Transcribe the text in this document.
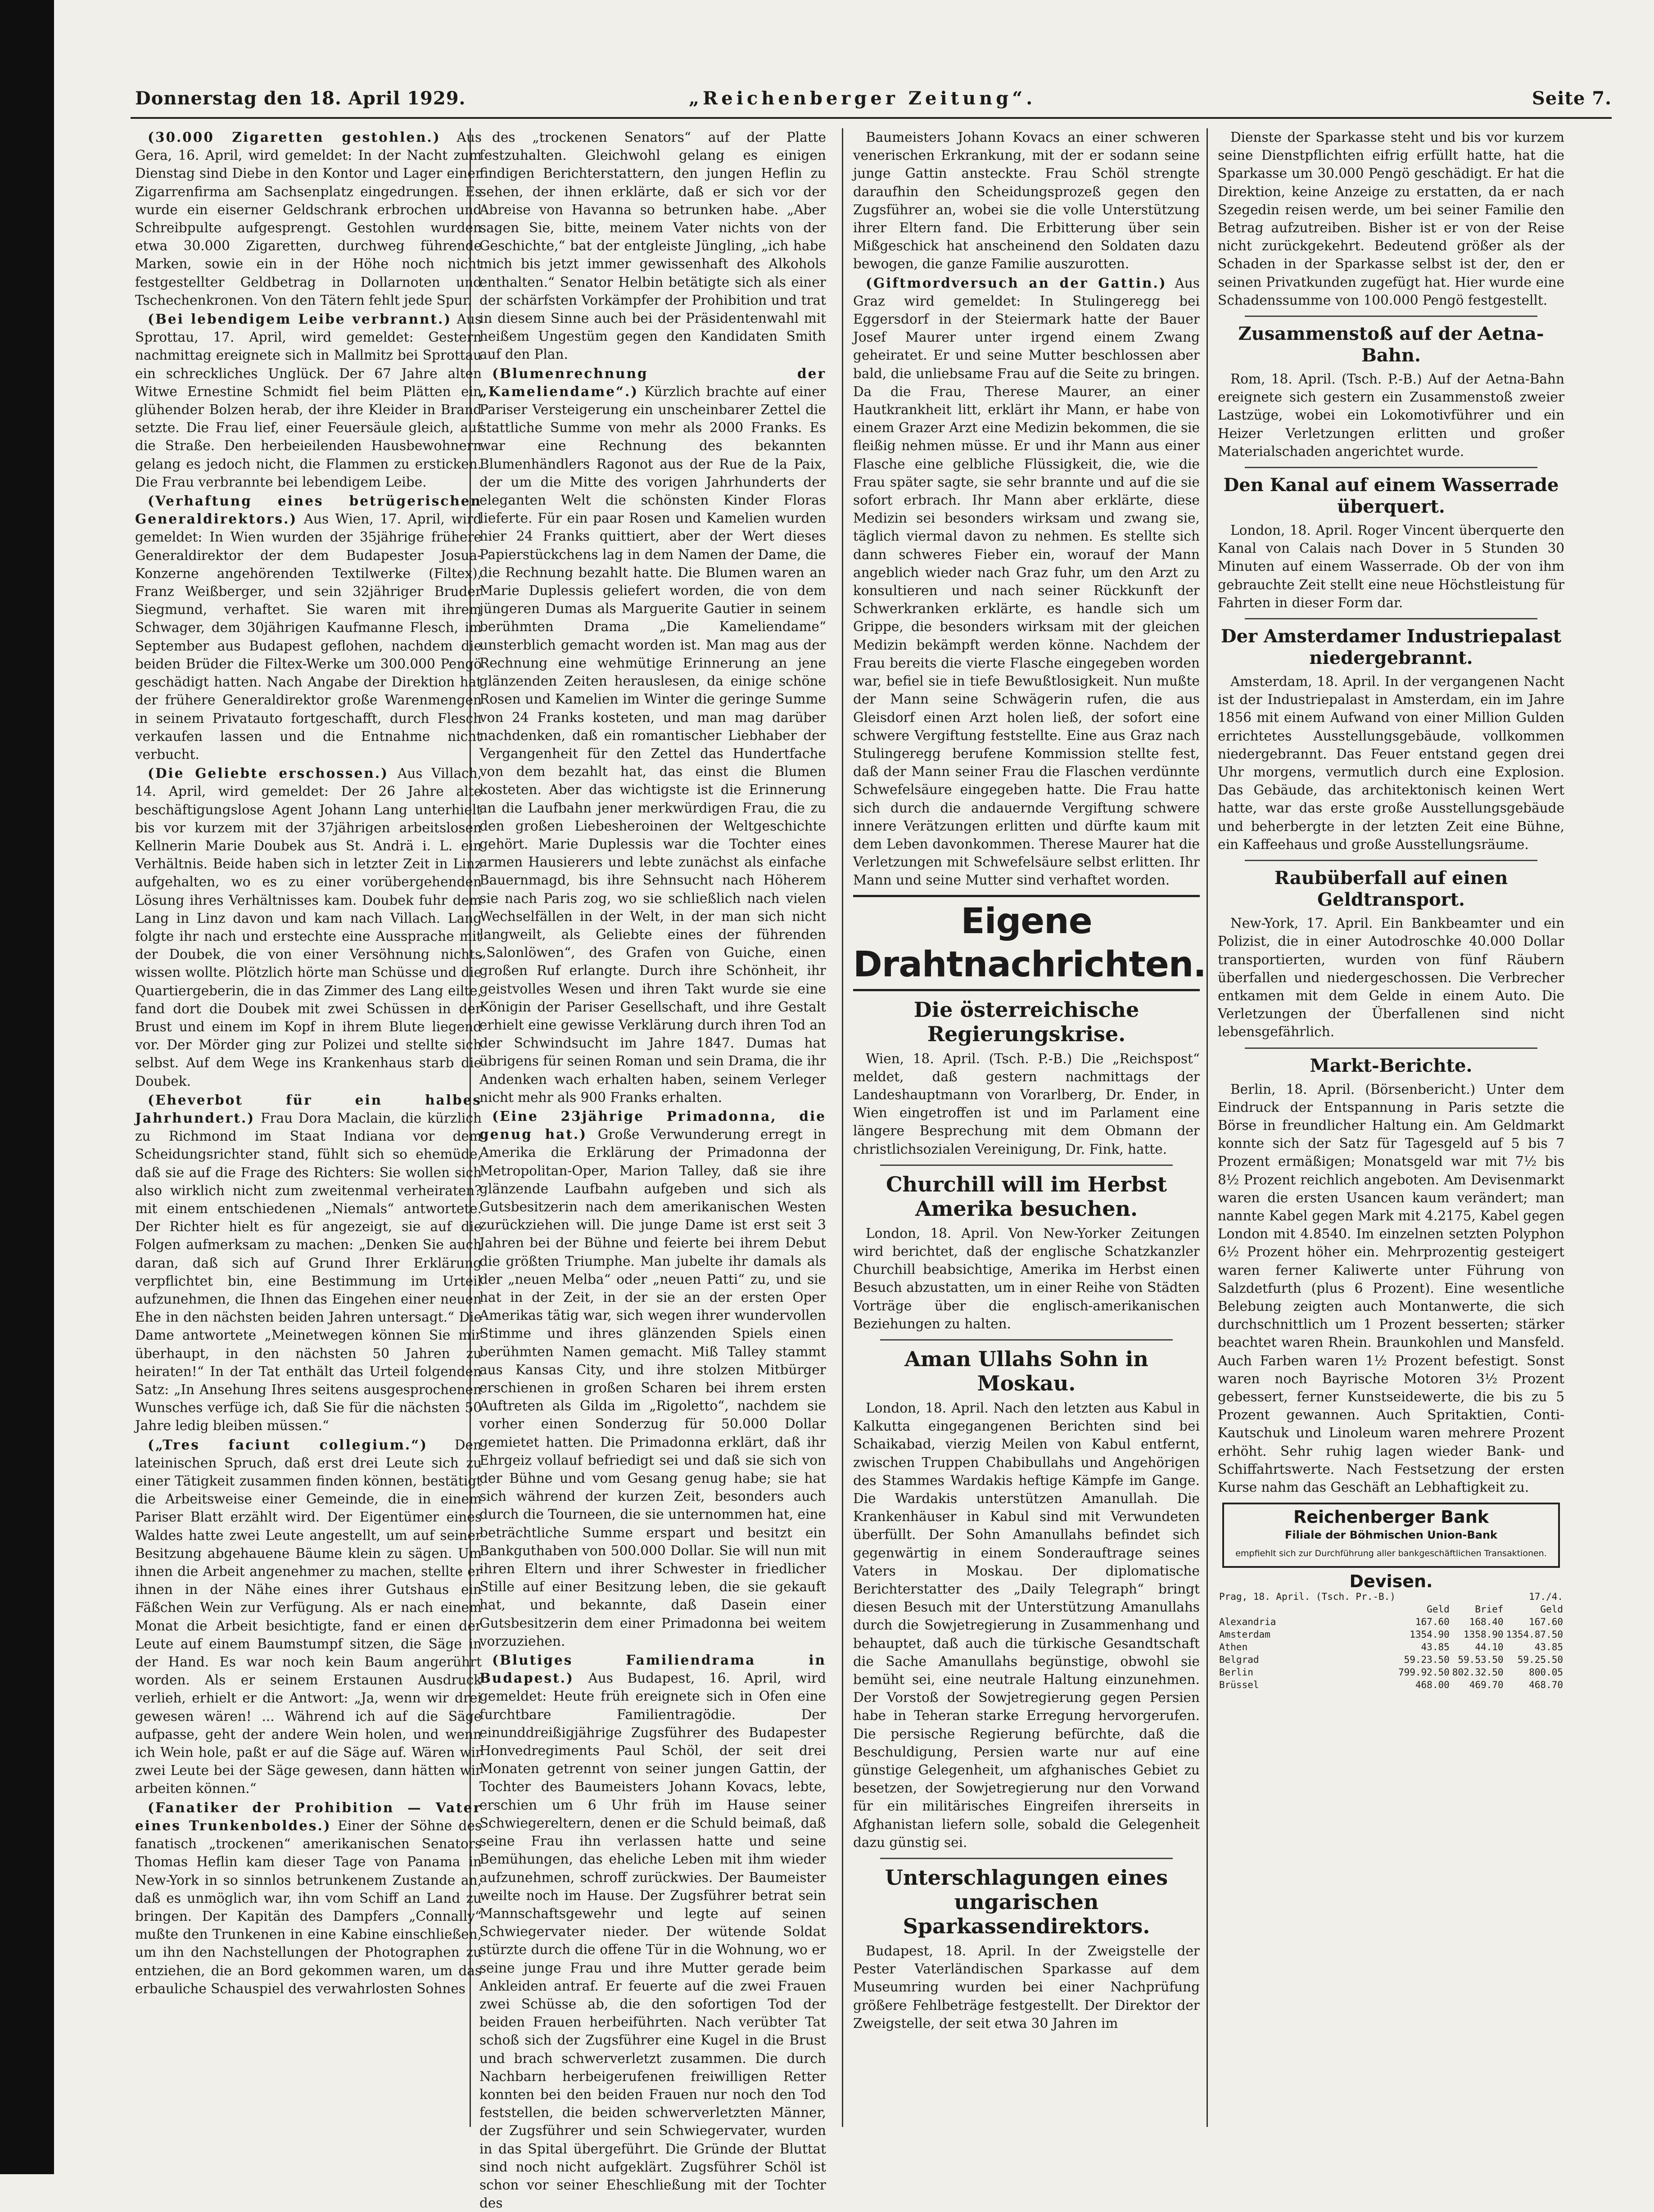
Donnerstag den 18. April 1929.	„Reichenberger Zeitung“.	Seite 7.

(30.000 Zigaretten gestohlen.) Aus Gera, 16. April, wird gemeldet: In der Nacht zum Dienstag sind Diebe in den Kontor und Lager einer Zigarrenfirma am Sachsenplatz eingedrungen. Es wurde ein eiserner Geldschrank erbrochen und Schreibpulte aufgesprengt. Gestohlen wurden etwa 30.000 Zigaretten, durchweg führende Marken, sowie ein in der Höhe noch nicht festgestellter Geldbetrag in Dollarnoten und Tschechenkronen. Von den Tätern fehlt jede Spur.

(Bei lebendigem Leibe verbrannt.) Aus Sprottau, 17. April, wird gemeldet: Gestern nachmittag ereignete sich in Mallmitz bei Sprottau ein schreckliches Unglück. Der 67 Jahre alten Witwe Ernestine Schmidt fiel beim Plätten ein glühender Bolzen herab, der ihre Kleider in Brand setzte. Die Frau lief, einer Feuersäule gleich, auf die Straße. Den herbeieilenden Hausbewohnern gelang es jedoch nicht, die Flammen zu ersticken. Die Frau verbrannte bei lebendigem Leibe.

(Verhaftung eines betrügerischen Generaldirektors.) Aus Wien, 17. April, wird gemeldet: In Wien wurden der 35jährige frühere Generaldirektor der dem Budapester Josua-Konzerne angehörenden Textilwerke (Filtex), Franz Weißberger, und sein 32jähriger Bruder Siegmund, verhaftet. Sie waren mit ihrem Schwager, dem 30jährigen Kaufmanne Flesch, im September aus Budapest geflohen, nachdem die beiden Brüder die Filtex-Werke um 300.000 Pengö geschädigt hatten. Nach Angabe der Direktion hat der frühere Generaldirektor große Warenmengen in seinem Privatauto fortgeschafft, durch Flesch verkaufen lassen und die Entnahme nicht verbucht.

(Die Geliebte erschossen.) Aus Villach, 14. April, wird gemeldet: Der 26 Jahre alte beschäftigungslose Agent Johann Lang unterhielt bis vor kurzem mit der 37jährigen arbeitslosen Kellnerin Marie Doubek aus St. Andrä i. L. ein Verhältnis. Beide haben sich in letzter Zeit in Linz aufgehalten, wo es zu einer vorübergehenden Lösung ihres Verhältnisses kam. Doubek fuhr dem Lang in Linz davon und kam nach Villach. Lang folgte ihr nach und erstechte eine Aussprache mit der Doubek, die von einer Versöhnung nichts wissen wollte. Plötzlich hörte man Schüsse und die Quartiergeberin, die in das Zimmer des Lang eilte, fand dort die Doubek mit zwei Schüssen in der Brust und einem im Kopf in ihrem Blute liegend vor. Der Mörder ging zur Polizei und stellte sich selbst. Auf dem Wege ins Krankenhaus starb die Doubek.

(Eheverbot für ein halbes Jahrhundert.) Frau Dora Maclain, die kürzlich zu Richmond im Staat Indiana vor dem Scheidungsrichter stand, fühlt sich so ehemüde, daß sie auf die Frage des Richters: Sie wollen sich also wirklich nicht zum zweitenmal verheiraten? mit einem entschiedenen „Niemals“ antwortete. Der Richter hielt es für angezeigt, sie auf die Folgen aufmerksam zu machen: „Denken Sie auch daran, daß sich auf Grund Ihrer Erklärung verpflichtet bin, eine Bestimmung im Urteil aufzunehmen, die Ihnen das Eingehen einer neuen Ehe in den nächsten beiden Jahren untersagt.“ Die Dame antwortete „Meinetwegen können Sie mir überhaupt, in den nächsten 50 Jahren zu heiraten!“ In der Tat enthält das Urteil folgenden Satz: „In Ansehung Ihres seitens ausgesprochenen Wunsches verfüge ich, daß Sie für die nächsten 50 Jahre ledig bleiben müssen.“

(„Tres faciunt collegium.“) Den lateinischen Spruch, daß erst drei Leute sich zu einer Tätigkeit zusammen finden können, bestätigt die Arbeitsweise einer Gemeinde, die in einem Pariser Blatt erzählt wird. Der Eigentümer eines Waldes hatte zwei Leute angestellt, um auf seiner Besitzung abgehauene Bäume klein zu sägen. Um ihnen die Arbeit angenehmer zu machen, stellte er ihnen in der Nähe eines ihrer Gutshaus ein Fäßchen Wein zur Verfügung. Als er nach einem Monat die Arbeit besichtigte, fand er einen der Leute auf einem Baumstumpf sitzen, die Säge in der Hand. Es war noch kein Baum angerührt worden. Als er seinem Erstaunen Ausdruck verlieh, erhielt er die Antwort: „Ja, wenn wir drei gewesen wären! ... Während ich auf die Säge aufpasse, geht der andere Wein holen, und wenn ich Wein hole, paßt er auf die Säge auf. Wären wir zwei Leute bei der Säge gewesen, dann hätten wir arbeiten können.“

(Fanatiker der Prohibition — Vater eines Trunkenboldes.) Einer der Söhne des fanatisch „trockenen“ amerikanischen Senators Thomas Heflin kam dieser Tage von Panama in New-York in so sinnlos betrunkenem Zustande an, daß es unmöglich war, ihn vom Schiff an Land zu bringen. Der Kapitän des Dampfers „Connally“ mußte den Trunkenen in eine Kabine einschließen, um ihn den Nachstellungen der Photographen zu entziehen, die an Bord gekommen waren, um das erbauliche Schauspiel des verwahrlosten Sohnes

des „trockenen Senators“ auf der Platte festzuhalten. Gleichwohl gelang es einigen findigen Berichterstattern, den jungen Heflin zu sehen, der ihnen erklärte, daß er sich vor der Abreise von Havanna so betrunken habe. „Aber sagen Sie, bitte, meinem Vater nichts von der Geschichte,“ bat der entgleiste Jüngling, „ich habe mich bis jetzt immer gewissenhaft des Alkohols enthalten.“ Senator Helbin betätigte sich als einer der schärfsten Vorkämpfer der Prohibition und trat in diesem Sinne auch bei der Präsidentenwahl mit heißem Ungestüm gegen den Kandidaten Smith auf den Plan.

(Blumenrechnung der „Kameliendame“.) Kürzlich brachte auf einer Pariser Versteigerung ein unscheinbarer Zettel die stattliche Summe von mehr als 2000 Franks. Es war eine Rechnung des bekannten Blumenhändlers Ragonot aus der Rue de la Paix, der um die Mitte des vorigen Jahrhunderts der eleganten Welt die schönsten Kinder Floras lieferte. Für ein paar Rosen und Kamelien wurden hier 24 Franks quittiert, aber der Wert dieses Papierstückchens lag in dem Namen der Dame, die die Rechnung bezahlt hatte. Die Blumen waren an Marie Duplessis geliefert worden, die von dem jüngeren Dumas als Marguerite Gautier in seinem berühmten Drama „Die Kameliendame“ unsterblich gemacht worden ist. Man mag aus der Rechnung eine wehmütige Erinnerung an jene glänzenden Zeiten herauslesen, da einige schöne Rosen und Kamelien im Winter die geringe Summe von 24 Franks kosteten, und man mag darüber nachdenken, daß ein romantischer Liebhaber der Vergangenheit für den Zettel das Hundertfache von dem bezahlt hat, das einst die Blumen kosteten. Aber das wichtigste ist die Erinnerung an die Laufbahn jener merkwürdigen Frau, die zu den großen Liebesheroinen der Weltgeschichte gehört. Marie Duplessis war die Tochter eines armen Hausierers und lebte zunächst als einfache Bauernmagd, bis ihre Sehnsucht nach Höherem sie nach Paris zog, wo sie schließlich nach vielen Wechselfällen in der Welt, in der man sich nicht langweilt, als Geliebte eines der führenden „Salonlöwen“, des Grafen von Guiche, einen großen Ruf erlangte. Durch ihre Schönheit, ihr geistvolles Wesen und ihren Takt wurde sie eine Königin der Pariser Gesellschaft, und ihre Gestalt erhielt eine gewisse Verklärung durch ihren Tod an der Schwindsucht im Jahre 1847. Dumas hat übrigens für seinen Roman und sein Drama, die ihr Andenken wach erhalten haben, seinem Verleger nicht mehr als 900 Franks erhalten.

(Eine 23jährige Primadonna, die genug hat.) Große Verwunderung erregt in Amerika die Erklärung der Primadonna der Metropolitan-Oper, Marion Talley, daß sie ihre glänzende Laufbahn aufgeben und sich als Gutsbesitzerin nach dem amerikanischen Westen zurückziehen will. Die junge Dame ist erst seit 3 Jahren bei der Bühne und feierte bei ihrem Debut die größten Triumphe. Man jubelte ihr damals als der „neuen Melba“ oder „neuen Patti“ zu, und sie hat in der Zeit, in der sie an der ersten Oper Amerikas tätig war, sich wegen ihrer wundervollen Stimme und ihres glänzenden Spiels einen berühmten Namen gemacht. Miß Talley stammt aus Kansas City, und ihre stolzen Mitbürger erschienen in großen Scharen bei ihrem ersten Auftreten als Gilda im „Rigoletto“, nachdem sie vorher einen Sonderzug für 50.000 Dollar gemietet hatten. Die Primadonna erklärt, daß ihr Ehrgeiz vollauf befriedigt sei und daß sie sich von der Bühne und vom Gesang genug habe; sie hat sich während der kurzen Zeit, besonders auch durch die Tourneen, die sie unternommen hat, eine beträchtliche Summe erspart und besitzt ein Bankguthaben von 500.000 Dollar. Sie will nun mit ihren Eltern und ihrer Schwester in friedlicher Stille auf einer Besitzung leben, die sie gekauft hat, und bekannte, daß Dasein einer Gutsbesitzerin dem einer Primadonna bei weitem vorzuziehen.

(Blutiges Familiendrama in Budapest.) Aus Budapest, 16. April, wird gemeldet: Heute früh ereignete sich in Ofen eine furchtbare Familientragödie. Der einunddreißigjährige Zugsführer des Budapester Honvedregiments Paul Schöl, der seit drei Monaten getrennt von seiner jungen Gattin, der Tochter des Baumeisters Johann Kovacs, lebte, erschien um 6 Uhr früh im Hause seiner Schwiegereltern, denen er die Schuld beimaß, daß seine Frau ihn verlassen hatte und seine Bemühungen, das eheliche Leben mit ihm wieder aufzunehmen, schroff zurückwies. Der Baumeister weilte noch im Hause. Der Zugsführer betrat sein Mannschaftsgewehr und legte auf seinen Schwiegervater nieder. Der wütende Soldat stürzte durch die offene Tür in die Wohnung, wo er seine junge Frau und ihre Mutter gerade beim Ankleiden antraf. Er feuerte auf die zwei Frauen zwei Schüsse ab, die den sofortigen Tod der beiden Frauen herbeiführten. Nach verübter Tat schoß sich der Zugsführer eine Kugel in die Brust und brach schwerverletzt zusammen. Die durch Nachbarn herbeigerufenen freiwilligen Retter konnten bei den beiden Frauen nur noch den Tod feststellen, die beiden schwerverletzten Männer, der Zugsführer und sein Schwiegervater, wurden in das Spital übergeführt. Die Gründe der Bluttat sind noch nicht aufgeklärt. Zugsführer Schöl ist schon vor seiner Eheschließung mit der Tochter des

Baumeisters Johann Kovacs an einer schweren venerischen Erkrankung, mit der er sodann seine junge Gattin ansteckte. Frau Schöl strengte daraufhin den Scheidungsprozeß gegen den Zugsführer an, wobei sie die volle Unterstützung ihrer Eltern fand. Die Erbitterung über sein Mißgeschick hat anscheinend den Soldaten dazu bewogen, die ganze Familie auszurotten.

(Giftmordversuch an der Gattin.) Aus Graz wird gemeldet: In Stulingeregg bei Eggersdorf in der Steiermark hatte der Bauer Josef Maurer unter irgend einem Zwang geheiratet. Er und seine Mutter beschlossen aber bald, die unliebsame Frau auf die Seite zu bringen. Da die Frau, Therese Maurer, an einer Hautkrankheit litt, erklärt ihr Mann, er habe von einem Grazer Arzt eine Medizin bekommen, die sie fleißig nehmen müsse. Er und ihr Mann aus einer Flasche eine gelbliche Flüssigkeit, die, wie die Frau später sagte, sie sehr brannte und auf die sie sofort erbrach. Ihr Mann aber erklärte, diese Medizin sei besonders wirksam und zwang sie, täglich viermal davon zu nehmen. Es stellte sich dann schweres Fieber ein, worauf der Mann angeblich wieder nach Graz fuhr, um den Arzt zu konsultieren und nach seiner Rückkunft der Schwerkranken erklärte, es handle sich um Grippe, die besonders wirksam mit der gleichen Medizin bekämpft werden könne. Nachdem der Frau bereits die vierte Flasche eingegeben worden war, befiel sie in tiefe Bewußtlosigkeit. Nun mußte der Mann seine Schwägerin rufen, die aus Gleisdorf einen Arzt holen ließ, der sofort eine schwere Vergiftung feststellte. Eine aus Graz nach Stulingeregg berufene Kommission stellte fest, daß der Mann seiner Frau die Flaschen verdünnte Schwefelsäure eingegeben hatte. Die Frau hatte sich durch die andauernde Vergiftung schwere innere Verätzungen erlitten und dürfte kaum mit dem Leben davonkommen. Therese Maurer hat die Verletzungen mit Schwefelsäure selbst erlitten. Ihr Mann und seine Mutter sind verhaftet worden.

Eigene Drahtnachrichten.
Die österreichische Regierungskrise.

Wien, 18. April. (Tsch. P.-B.) Die „Reichspost“ meldet, daß gestern nachmittags der Landeshauptmann von Vorarlberg, Dr. Ender, in Wien eingetroffen ist und im Parlament eine längere Besprechung mit dem Obmann der christlichsozialen Vereinigung, Dr. Fink, hatte.

Churchill will im Herbst Amerika besuchen.

London, 18. April. Von New-Yorker Zeitungen wird berichtet, daß der englische Schatzkanzler Churchill beabsichtige, Amerika im Herbst einen Besuch abzustatten, um in einer Reihe von Städten Vorträge über die englisch-amerikanischen Beziehungen zu halten.

Aman Ullahs Sohn in Moskau.

London, 18. April. Nach den letzten aus Kabul in Kalkutta eingegangenen Berichten sind bei Schaikabad, vierzig Meilen von Kabul entfernt, zwischen Truppen Chabibullahs und Angehörigen des Stammes Wardakis heftige Kämpfe im Gange. Die Wardakis unterstützen Amanullah. Die Krankenhäuser in Kabul sind mit Verwundeten überfüllt. Der Sohn Amanullahs befindet sich gegenwärtig in einem Sonderauftrage seines Vaters in Moskau. Der diplomatische Berichterstatter des „Daily Telegraph“ bringt diesen Besuch mit der Unterstützung Amanullahs durch die Sowjetregierung in Zusammenhang und behauptet, daß auch die türkische Gesandtschaft die Sache Amanullahs begünstige, obwohl sie bemüht sei, eine neutrale Haltung einzunehmen. Der Vorstoß der Sowjetregierung gegen Persien habe in Teheran starke Erregung hervorgerufen. Die persische Regierung befürchte, daß die Beschuldigung, Persien warte nur auf eine günstige Gelegenheit, um afghanisches Gebiet zu besetzen, der Sowjetregierung nur den Vorwand für ein militärisches Eingreifen ihrerseits in Afghanistan liefern solle, sobald die Gelegenheit dazu günstig sei.

Unterschlagungen eines ungarischen Sparkassendirektors.

Budapest, 18. April. In der Zweigstelle der Pester Vaterländischen Sparkasse auf dem Museumring wurden bei einer Nachprüfung größere Fehlbeträge festgestellt. Der Direktor der Zweigstelle, der seit etwa 30 Jahren im

Dienste der Sparkasse steht und bis vor kurzem seine Dienstpflichten eifrig erfüllt hatte, hat die Sparkasse um 30.000 Pengö geschädigt. Er hat die Direktion, keine Anzeige zu erstatten, da er nach Szegedin reisen werde, um bei seiner Familie den Betrag aufzutreiben. Bisher ist er von der Reise nicht zurückgekehrt. Bedeutend größer als der Schaden in der Sparkasse selbst ist der, den er seinen Privatkunden zugefügt hat. Hier wurde eine Schadenssumme von 100.000 Pengö festgestellt.

Zusammenstoß auf der Aetna-Bahn.

Rom, 18. April. (Tsch. P.-B.) Auf der Aetna-Bahn ereignete sich gestern ein Zusammenstoß zweier Lastzüge, wobei ein Lokomotivführer und ein Heizer Verletzungen erlitten und großer Materialschaden angerichtet wurde.

Den Kanal auf einem Wasserrade überquert.

London, 18. April. Roger Vincent überquerte den Kanal von Calais nach Dover in 5 Stunden 30 Minuten auf einem Wasserrade. Ob der von ihm gebrauchte Zeit stellt eine neue Höchstleistung für Fahrten in dieser Form dar.

Der Amsterdamer Industriepalast niedergebrannt.

Amsterdam, 18. April. In der vergangenen Nacht ist der Industriepalast in Amsterdam, ein im Jahre 1856 mit einem Aufwand von einer Million Gulden errichtetes Ausstellungsgebäude, vollkommen niedergebrannt. Das Feuer entstand gegen drei Uhr morgens, vermutlich durch eine Explosion. Das Gebäude, das architektonisch keinen Wert hatte, war das erste große Ausstellungsgebäude und beherbergte in der letzten Zeit eine Bühne, ein Kaffeehaus und große Ausstellungsräume.

Raubüberfall auf einen Geldtransport.

New-York, 17. April. Ein Bankbeamter und ein Polizist, die in einer Autodroschke 40.000 Dollar transportierten, wurden von fünf Räubern überfallen und niedergeschossen. Die Verbrecher entkamen mit dem Gelde in einem Auto. Die Verletzungen der Überfallenen sind nicht lebensgefährlich.

Markt-Berichte.

Berlin, 18. April. (Börsenbericht.) Unter dem Eindruck der Entspannung in Paris setzte die Börse in freundlicher Haltung ein. Am Geldmarkt konnte sich der Satz für Tagesgeld auf 5 bis 7 Prozent ermäßigen; Monatsgeld war mit 7½ bis 8½ Prozent reichlich angeboten. Am Devisenmarkt waren die ersten Usancen kaum verändert; man nannte Kabel gegen Mark mit 4.2175, Kabel gegen London mit 4.8540. Im einzelnen setzten Polyphon 6½ Prozent höher ein. Mehrprozentig gesteigert waren ferner Kaliwerte unter Führung von Salzdetfurth (plus 6 Prozent). Eine wesentliche Belebung zeigten auch Montanwerte, die sich durchschnittlich um 1 Prozent besserten; stärker beachtet waren Rhein. Braunkohlen und Mansfeld. Auch Farben waren 1½ Prozent befestigt. Sonst waren noch Bayrische Motoren 3½ Prozent gebessert, ferner Kunstseidewerte, die bis zu 5 Prozent gewannen. Auch Spritaktien, Conti-Kautschuk und Linoleum waren mehrere Prozent erhöht. Sehr ruhig lagen wieder Bank- und Schiffahrtswerte. Nach Festsetzung der ersten Kurse nahm das Geschäft an Lebhaftigkeit zu.

Reichenberger Bank
Filiale der Böhmischen Union-Bank
empfiehlt sich zur Durchführung aller bankgeschäftlichen Transaktionen.
Devisen.
Prag, 18. April. (Tsch. Pr.-B.)			17./4.
	Geld	Brief	Geld
Alexandria	167.60	168.40	167.60
Amsterdam	1354.90	1358.90	1354.87.50
Athen	43.85	44.10	43.85
Belgrad	59.23.50	59.53.50	59.25.50
Berlin	799.92.50	802.32.50	800.05
Brüssel	468.00	469.70	468.70
